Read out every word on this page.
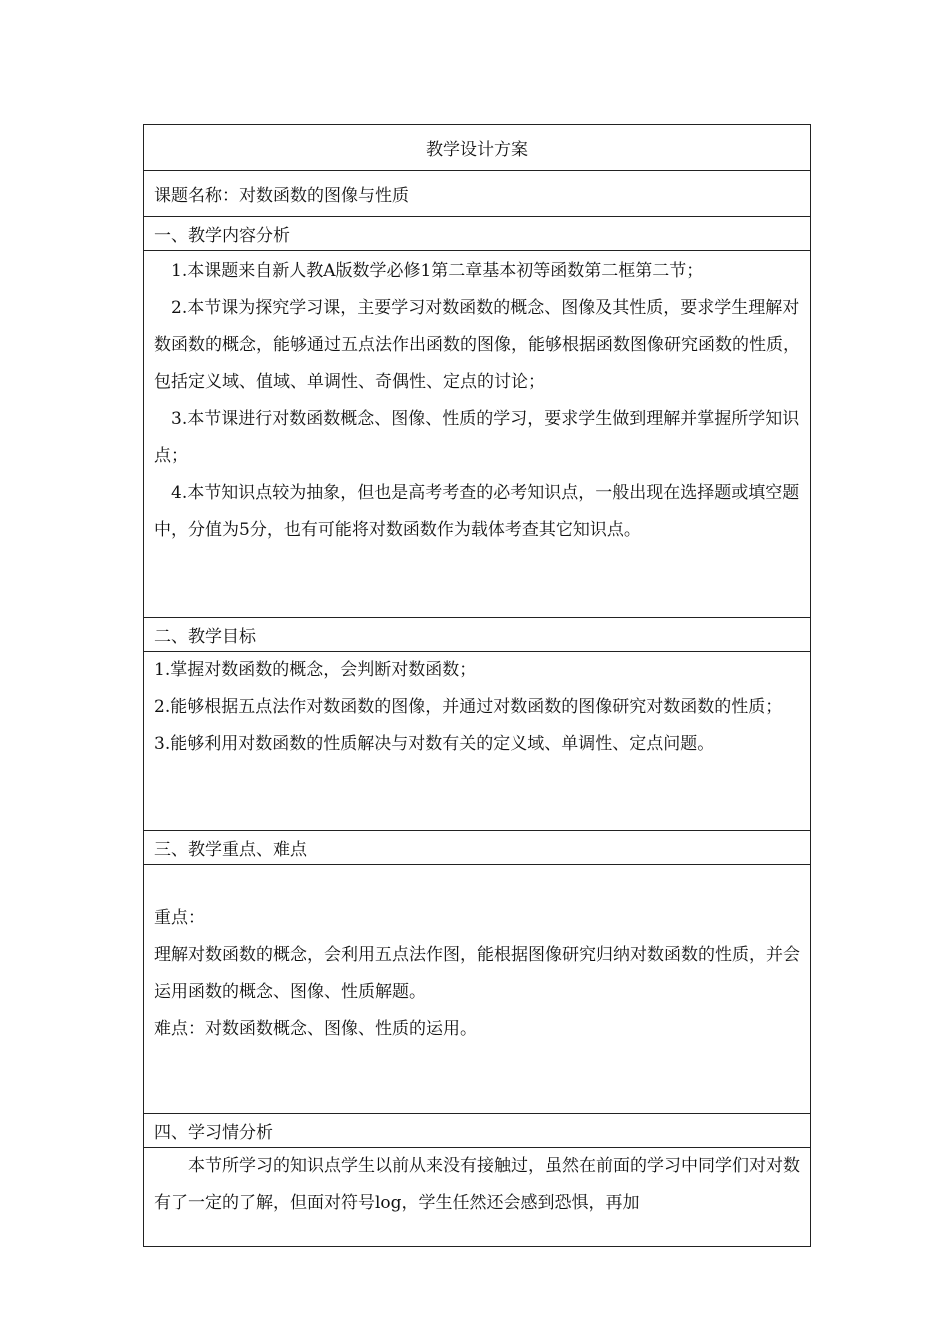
教学设计方案
课题名称：对数函数的图像与性质
一、教学内容分析

1.本课题来自新人教A版数学必修1第二章基本初等函数第二框第二节；

2.本节课为探究学习课，主要学习对数函数的概念、图像及其性质，要求学生理解对数函数的概念，能够通过五点法作出函数的图像，能够根据函数图像研究函数的性质，包括定义域、值域、单调性、奇偶性、定点的讨论；

3.本节课进行对数函数概念、图像、性质的学习，要求学生做到理解并掌握所学知识点；

4.本节知识点较为抽象，但也是高考考查的必考知识点，一般出现在选择题或填空题中，分值为5分，也有可能将对数函数作为载体考查其它知识点。

二、教学目标

1.掌握对数函数的概念，会判断对数函数；

2.能够根据五点法作对数函数的图像，并通过对数函数的图像研究对数函数的性质；

3.能够利用对数函数的性质解决与对数有关的定义域、单调性、定点问题。

三、教学重点、难点

重点：

理解对数函数的概念，会利用五点法作图，能根据图像研究归纳对数函数的性质，并会运用函数的概念、图像、性质解题。

难点：对数函数概念、图像、性质的运用。

四、学习情分析

本节所学习的知识点学生以前从来没有接触过，虽然在前面的学习中同学们对对数有了一定的了解，但面对符号log，学生任然还会感到恐惧，再加
